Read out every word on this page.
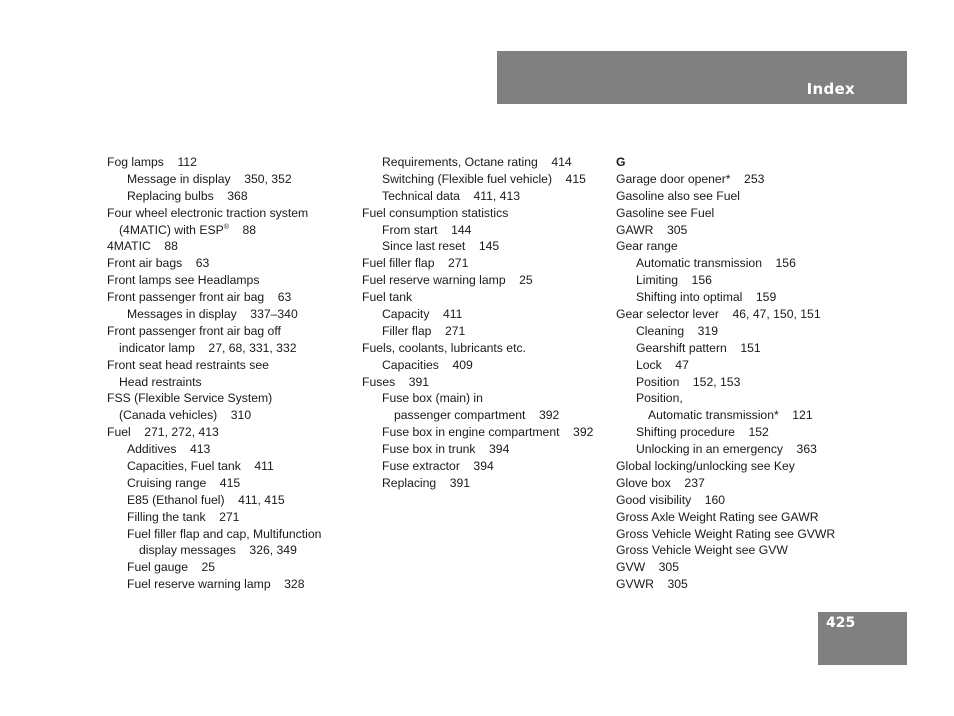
Index
Fog lamps    112
Message in display    350, 352
Replacing bulbs    368
Four wheel electronic traction system
(4MATIC) with ESP®    88
4MATIC    88
Front air bags    63
Front lamps see Headlamps
Front passenger front air bag    63
Messages in display    337–340
Front passenger front air bag off
indicator lamp    27, 68, 331, 332
Front seat head restraints see
Head restraints
FSS (Flexible Service System)
(Canada vehicles)    310
Fuel    271, 272, 413
Additives    413
Capacities, Fuel tank    411
Cruising range    415
E85 (Ethanol fuel)    411, 415
Filling the tank    271
Fuel filler flap and cap, Multifunction
display messages    326, 349
Fuel gauge    25
Fuel reserve warning lamp    328
Requirements, Octane rating    414
Switching (Flexible fuel vehicle)    415
Technical data    411, 413
Fuel consumption statistics
From start    144
Since last reset    145
Fuel filler flap    271
Fuel reserve warning lamp    25
Fuel tank
Capacity    411
Filler flap    271
Fuels, coolants, lubricants etc.
Capacities    409
Fuses    391
Fuse box (main) in
passenger compartment    392
Fuse box in engine compartment    392
Fuse box in trunk    394
Fuse extractor    394
Replacing    391
G
Garage door opener*    253
Gasoline also see Fuel
Gasoline see Fuel
GAWR    305
Gear range
Automatic transmission    156
Limiting    156
Shifting into optimal    159
Gear selector lever    46, 47, 150, 151
Cleaning    319
Gearshift pattern    151
Lock    47
Position    152, 153
Position,
Automatic transmission*    121
Shifting procedure    152
Unlocking in an emergency    363
Global locking/unlocking see Key
Glove box    237
Good visibility    160
Gross Axle Weight Rating see GAWR
Gross Vehicle Weight Rating see GVWR
Gross Vehicle Weight see GVW
GVW    305
GVWR    305
425
